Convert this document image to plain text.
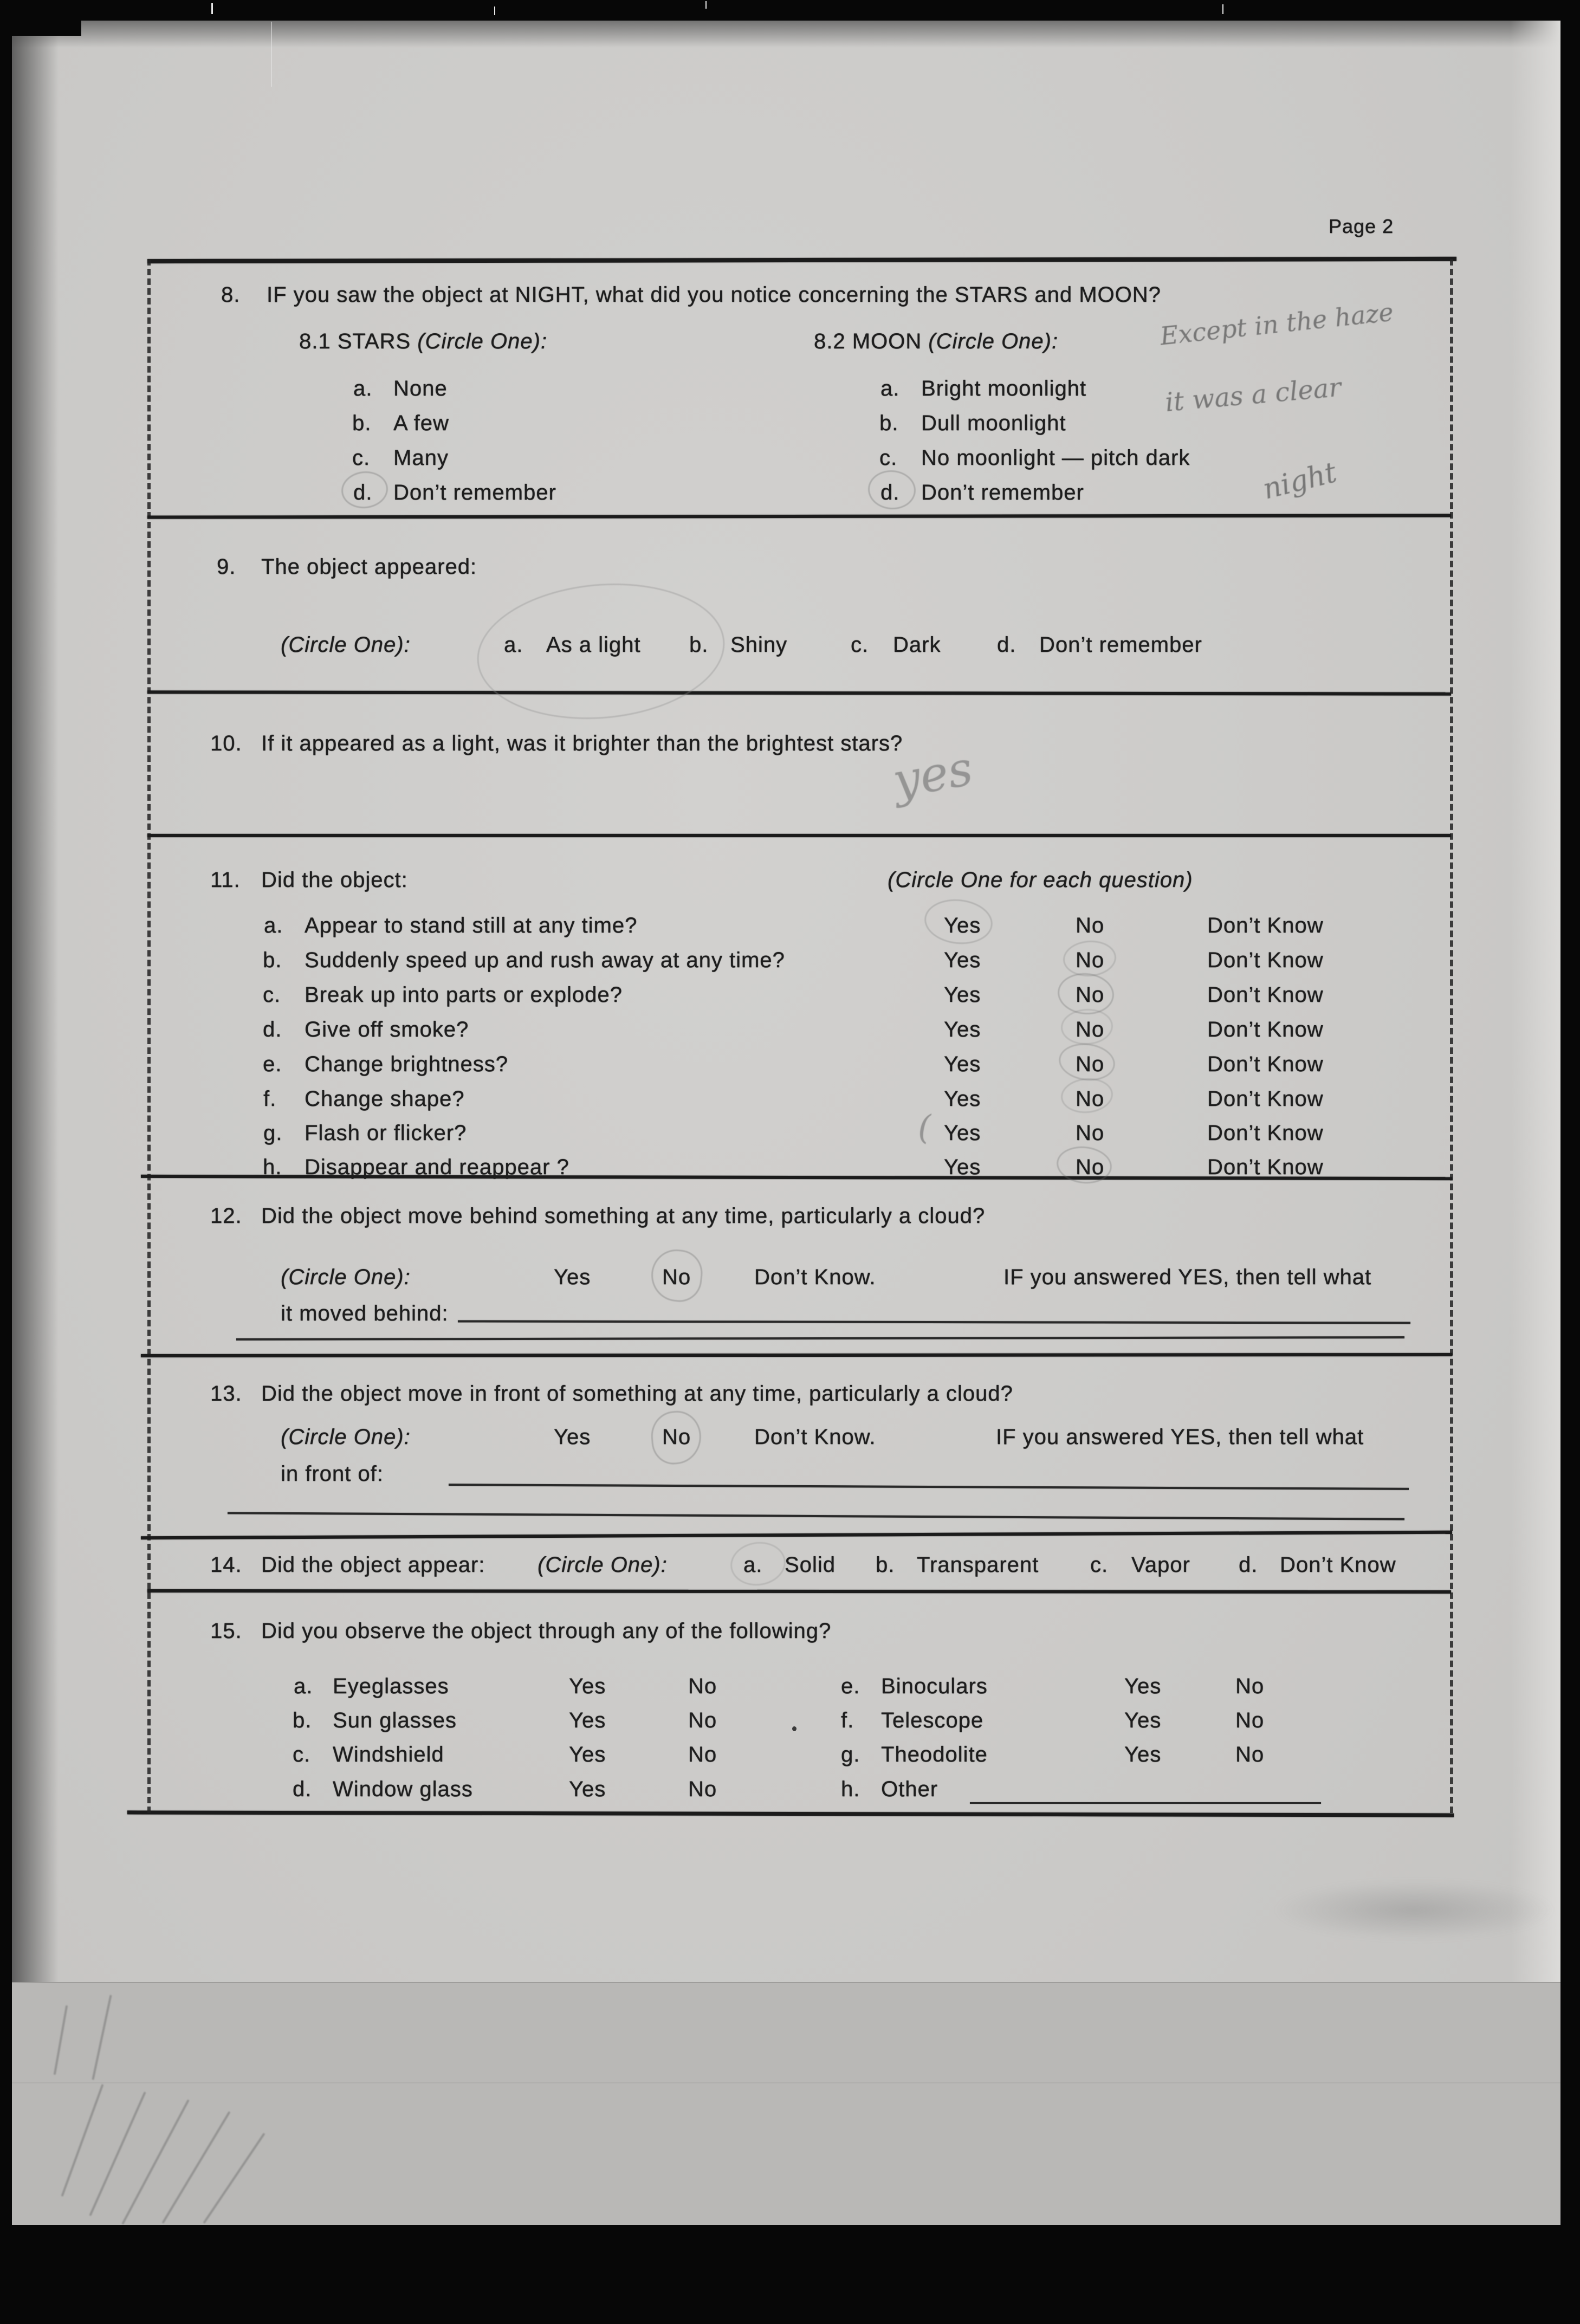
Page 2
8. IF you saw the object at NIGHT, what did you notice concerning the STARS and MOON?
8.1 STARS (Circle One):	8.2 MOON (Circle One):
a. None
b. A few
c. Many
d. Don’t remember
a. Bright moonlight
b. Dull moonlight
c. No moonlight — pitch dark
d. Don’t remember
Except in the haze
it was a clear
night
9. The object appeared:
(Circle One):	a. As a light b. Shiny	c. Dark	d. Don’t remember
10. If it appeared as a light, was it brighter than the brightest stars?
yes
11. Did the object:	(Circle One for each question)
a. Appear to stand still at any time?	Yes	No	Don’t Know
b. Suddenly speed up and rush away at any time?	Yes	No	Don’t Know
c. Break up into parts or explode?	Yes	No	Don’t Know
d. Give off smoke?	Yes	No	Don’t Know
e. Change brightness?	Yes	No	Don’t Know
f. Change shape?	Yes	No	Don’t Know
g. Flash or flicker?	Yes	No	Don’t Know
(
h. Disappear and reappear ?	Yes	No	Don’t Know
12. Did the object move behind something at any time, particularly a cloud?
(Circle One):	Yes	No	Don’t Know.	IF you answered YES, then tell what
it moved behind:
13. Did the object move in front of something at any time, particularly a cloud?
(Circle One):	Yes	No	Don’t Know.	IF you answered YES, then tell what
in front of:
14. Did the object appear: (Circle One):	a. Solid b. Transparent c. Vapor d. Don’t Know
15. Did you observe the object through any of the following?
a. Eyeglasses	Yes	No	e. Binoculars	Yes	No
b. Sun glasses	Yes	No	f. Telescope	Yes	No
c. Windshield	Yes	No	g. Theodolite	Yes	No
d. Window glass	Yes	No	h. Other
